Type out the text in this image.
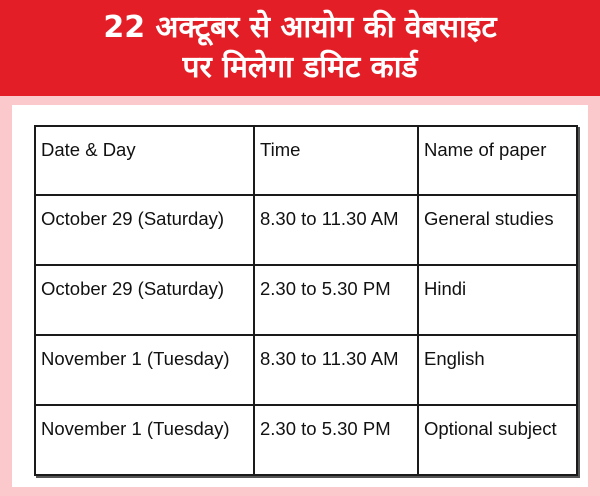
22 अक्टूबर से आयोग की वेबसाइट
पर मिलेगा डमिट कार्ड
Date & Day	Time	Name of paper
October 29 (Saturday)	8.30 to 11.30 AM	General studies
October 29 (Saturday)	2.30 to 5.30 PM	Hindi
November 1 (Tuesday)	8.30 to 11.30 AM	English
November 1 (Tuesday)	2.30 to 5.30 PM	Optional subject
